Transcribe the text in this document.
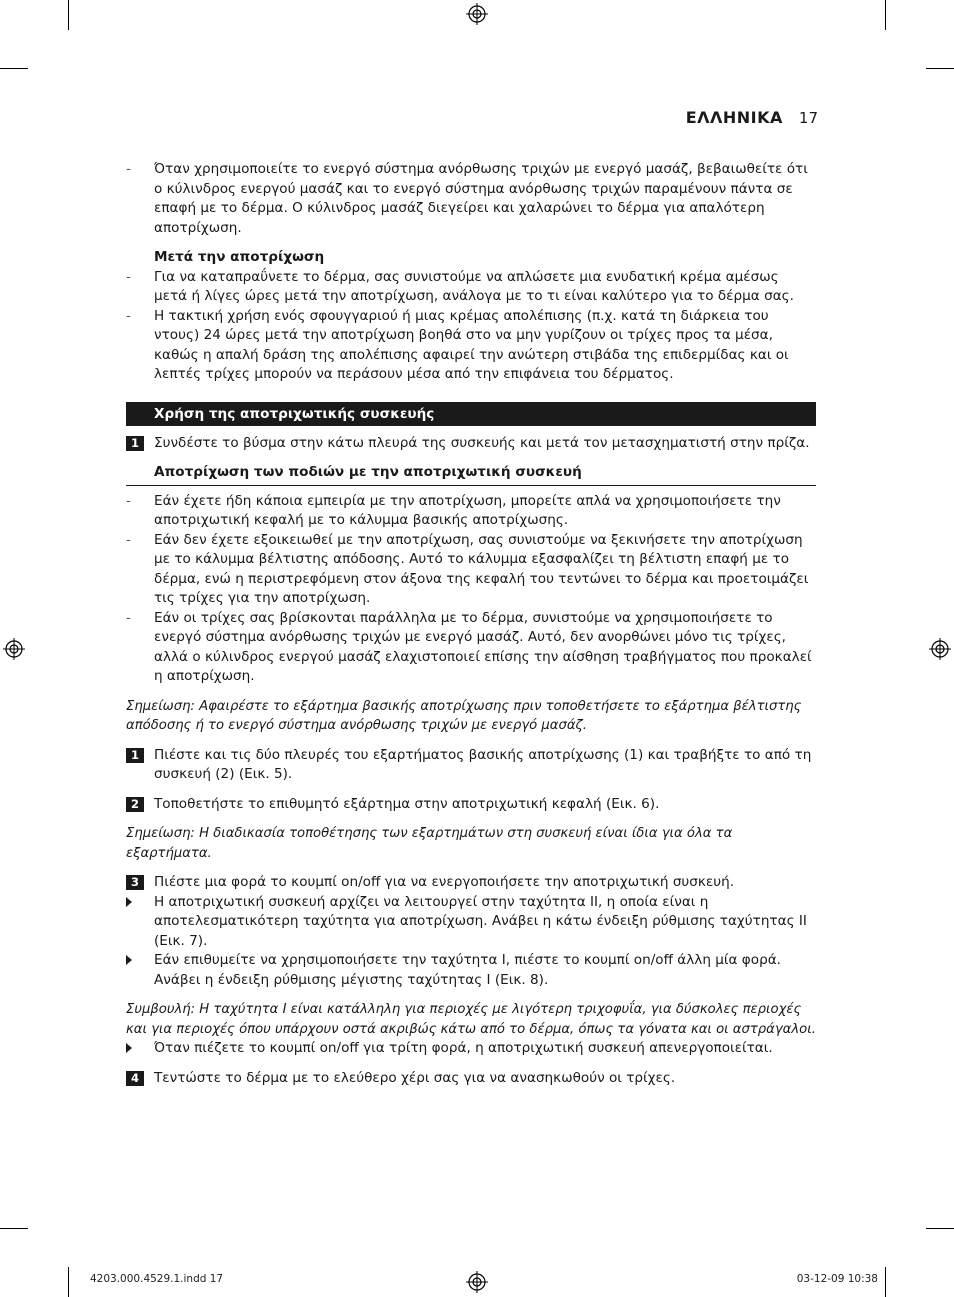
ΕΛΛΗΝΙΚΑ 17
- Όταν χρησιμοποιείτε το ενεργό σύστημα ανόρθωσης τριχών με ενεργό μασάζ, βεβαιωθείτε ότι ο κύλινδρος ενεργού μασάζ και το ενεργό σύστημα ανόρθωσης τριχών παραμένουν πάντα σε επαφή με το δέρμα. Ο κύλινδρος μασάζ διεγείρει και χαλαρώνει το δέρμα για απαλότερη αποτρίχωση.
Μετά την αποτρίχωση
- Για να καταπραΰνετε το δέρμα, σας συνιστούμε να απλώσετε μια ενυδατική κρέμα αμέσως μετά ή λίγες ώρες μετά την αποτρίχωση, ανάλογα με το τι είναι καλύτερο για το δέρμα σας.
- Η τακτική χρήση ενός σφουγγαριού ή μιας κρέμας απολέπισης (π.χ. κατά τη διάρκεια του ντους) 24 ώρες μετά την αποτρίχωση βοηθά στο να μην γυρίζουν οι τρίχες προς τα μέσα, καθώς η απαλή δράση της απολέπισης αφαιρεί την ανώτερη στιβάδα της επιδερμίδας και οι λεπτές τρίχες μπορούν να περάσουν μέσα από την επιφάνεια του δέρματος.
Χρήση της αποτριχωτικής συσκευής
1	Συνδέστε το βύσμα στην κάτω πλευρά της συσκευής και μετά τον μετασχηματιστή στην πρίζα.
Αποτρίχωση των ποδιών με την αποτριχωτική συσκευή
- Εάν έχετε ήδη κάποια εμπειρία με την αποτρίχωση, μπορείτε απλά να χρησιμοποιήσετε την αποτριχωτική κεφαλή με το κάλυμμα βασικής αποτρίχωσης.
- Εάν δεν έχετε εξοικειωθεί με την αποτρίχωση, σας συνιστούμε να ξεκινήσετε την αποτρίχωση με το κάλυμμα βέλτιστης απόδοσης. Αυτό το κάλυμμα εξασφαλίζει τη βέλτιστη επαφή με το δέρμα, ενώ η περιστρεφόμενη στον άξονα της κεφαλή του τεντώνει το δέρμα και προετοιμάζει τις τρίχες για την αποτρίχωση.
- Εάν οι τρίχες σας βρίσκονται παράλληλα με το δέρμα, συνιστούμε να χρησιμοποιήσετε το ενεργό σύστημα ανόρθωσης τριχών με ενεργό μασάζ. Αυτό, δεν ανορθώνει μόνο τις τρίχες, αλλά ο κύλινδρος ενεργού μασάζ ελαχιστοποιεί επίσης την αίσθηση τραβήγματος που προκαλεί η αποτρίχωση.
Σημείωση: Αφαιρέστε το εξάρτημα βασικής αποτρίχωσης πριν τοποθετήσετε το εξάρτημα βέλτιστης απόδοσης ή το ενεργό σύστημα ανόρθωσης τριχών με ενεργό μασάζ.
1	Πιέστε και τις δύο πλευρές του εξαρτήματος βασικής αποτρίχωσης (1) και τραβήξτε το από τη συσκευή (2) (Εικ. 5).
2	Τοποθετήστε το επιθυμητό εξάρτημα στην αποτριχωτική κεφαλή (Εικ. 6).
Σημείωση: Η διαδικασία τοποθέτησης των εξαρτημάτων στη συσκευή είναι ίδια για όλα τα εξαρτήματα.
3	Πιέστε μια φορά το κουμπί on/off για να ενεργοποιήσετε την αποτριχωτική συσκευή.
Η αποτριχωτική συσκευή αρχίζει να λειτουργεί στην ταχύτητα II, η οποία είναι η αποτελεσματικότερη ταχύτητα για αποτρίχωση. Ανάβει η κάτω ένδειξη ρύθμισης ταχύτητας II (Εικ. 7).
Εάν επιθυμείτε να χρησιμοποιήσετε την ταχύτητα I, πιέστε το κουμπί on/off άλλη μία φορά. Ανάβει η ένδειξη ρύθμισης μέγιστης ταχύτητας I (Εικ. 8).
Συμβουλή: Η ταχύτητα I είναι κατάλληλη για περιοχές με λιγότερη τριχοφυΐα, για δύσκολες περιοχές και για περιοχές όπου υπάρχουν οστά ακριβώς κάτω από το δέρμα, όπως τα γόνατα και οι αστράγαλοι.
Όταν πιέζετε το κουμπί on/off για τρίτη φορά, η αποτριχωτική συσκευή απενεργοποιείται.
4	Τεντώστε το δέρμα με το ελεύθερο χέρι σας για να ανασηκωθούν οι τρίχες.
4203.000.4529.1.indd 17	03-12-09 10:38
